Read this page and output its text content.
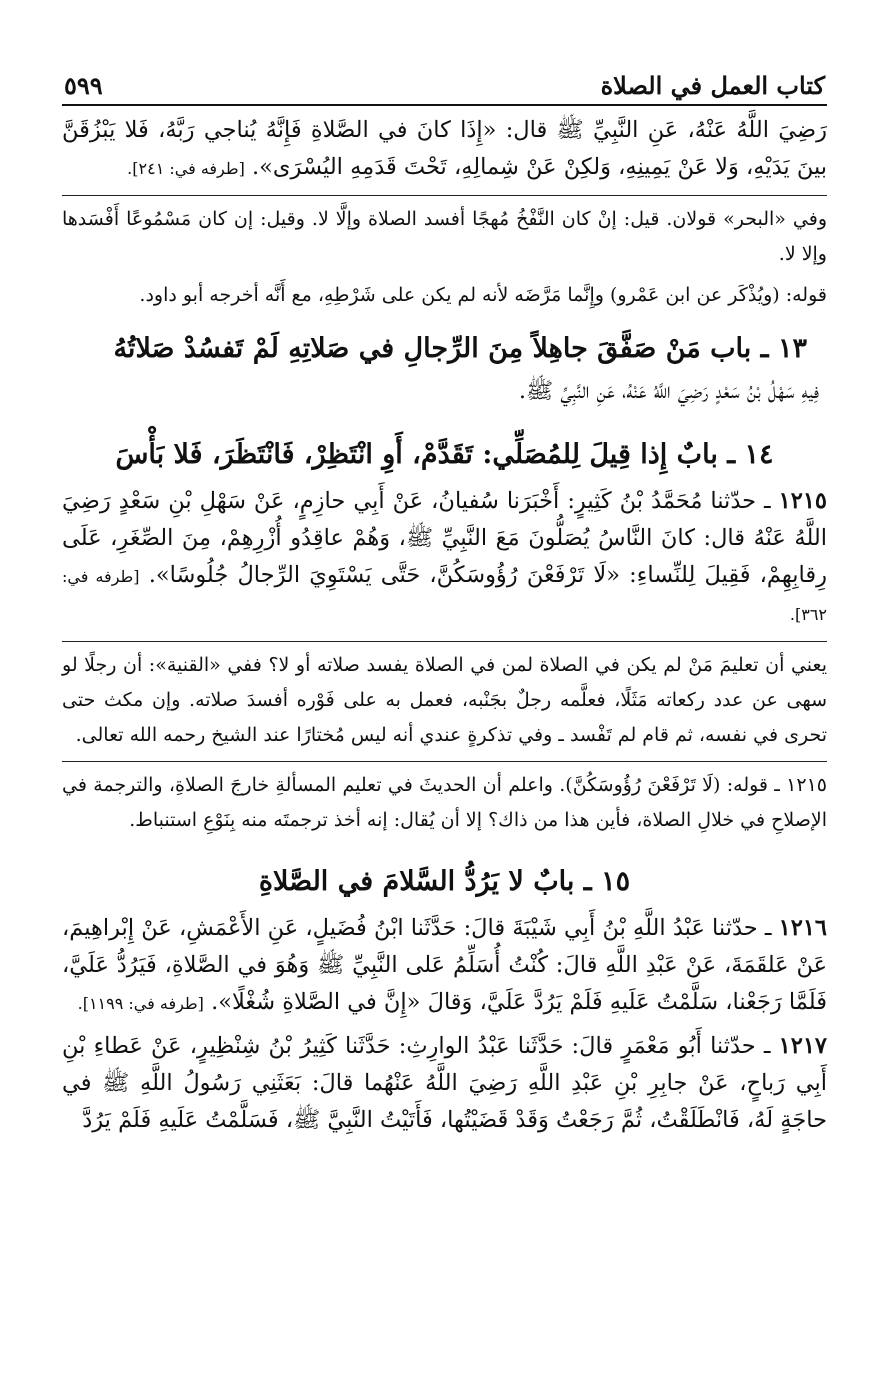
كتاب العمل في الصلاة
٥٩٩

رَضِيَ اللَّهُ عَنْهُ، عَنِ النَّبِيِّ ﷺ قال: «إِذَا كانَ في الصَّلاةِ فَإِنَّهُ يُناجي رَبَّهُ، فَلا يَبْزُقَنَّ بينَ يَدَيْهِ، وَلا عَنْ يَمِينِهِ، وَلكِنْ عَنْ شِمالِهِ، تَحْتَ قَدَمِهِ اليُسْرَى». [طرفه في: ٢٤١].

وفي «البحر» قولان. قيل: إنْ كان النَّفْخُ مُهجًا أفسد الصلاة وإلَّا لا. وقيل: إن كان مَسْمُوعًا أَفْسَدها وإلا لا.

قوله: (ويُذْكَر عن ابن عَمْرو) وإِنَّما مَرَّضَه لأنه لم يكن على شَرْطِهِ، مع أَنَّه أخرجه أبو داود.

١٣ ـ باب مَنْ صَفَّقَ جاهِلاً مِنَ الرِّجالِ في صَلاتِهِ لَمْ تَفسُدْ صَلاتُهُ
فِيهِ سَهْلُ بْنُ سَعْدٍ رَضِيَ اللَّهُ عَنْهُ، عَنِ النَّبِيِّ ﷺ.
١٤ ـ بابٌ إِذا قِيلَ لِلمُصَلِّي: تَقَدَّمْ، أَوِ انْتَظِرْ، فَانْتَظَرَ، فَلا بَأْسَ

١٢١٥ ـ حدّثنا مُحَمَّدُ بْنُ كَثِيرٍ: أَخْبَرَنا سُفيانُ، عَنْ أَبِي حازِمٍ، عَنْ سَهْلِ بْنِ سَعْدٍ رَضِيَ اللَّهُ عَنْهُ قال: كانَ النَّاسُ يُصَلُّونَ مَعَ النَّبِيِّ ﷺ، وَهُمْ عاقِدُو أُزْرِهِمْ، مِنَ الصِّغَرِ، عَلَى رِقابِهِمْ، فَقِيلَ لِلنِّساءِ: «لَا تَرْفَعْنَ رُؤُوسَكُنَّ، حَتَّى يَسْتَوِيَ الرِّجالُ جُلُوسًا». [طرفه في: ٣٦٢].

يعني أن تعليمَ مَنْ لم يكن في الصلاة لمن في الصلاة يفسد صلاته أو لا؟ ففي «القنية»: أن رجلًا لو سهى عن عدد ركعاته مَثَلًا، فعلَّمه رجلٌ بجَنْبه، فعمل به على فَوْره أفسدَ صلاته. وإن مكث حتى تحرى في نفسه، ثم قام لم تَفْسد ـ وفي تذكرةٍ عندي أنه ليس مُختارًا عند الشيخ رحمه الله تعالى.

١٢١٥ ـ قوله: (لَا تَرْفَعْنَ رُؤُوسَكُنَّ). واعلم أن الحديثَ في تعليم المسألةِ خارجَ الصلاةِ، والترجمة في الإصلاحِ في خلالِ الصلاة، فأين هذا من ذاك؟ إلا أن يُقال: إنه أخذ ترجمتَه منه بِنَوْعِ استنباط.

١٥ ـ بابٌ لا يَرُدُّ السَّلامَ في الصَّلاةِ

١٢١٦ ـ حدّثنا عَبْدُ اللَّهِ بْنُ أَبِي شَيْبَةَ قالَ: حَدَّثَنا ابْنُ فُضَيلٍ، عَنِ الأَعْمَشِ، عَنْ إِبْراهِيمَ، عَنْ عَلقَمَةَ، عَنْ عَبْدِ اللَّهِ قالَ: كُنْتُ أُسَلِّمُ عَلى النَّبِيِّ ﷺ وَهُوَ في الصَّلاةِ، فَيَرُدُّ عَلَيَّ، فَلَمَّا رَجَعْنا، سَلَّمْتُ عَلَيهِ فَلَمْ يَرُدَّ عَلَيَّ، وَقالَ «إِنَّ في الصَّلاةِ شُغْلًا». [طرفه في: ١١٩٩].

١٢١٧ ـ حدّثنا أَبُو مَعْمَرٍ قالَ: حَدَّثَنا عَبْدُ الوارِثِ: حَدَّثَنا كَثِيرُ بْنُ شِنْظِيرٍ، عَنْ عَطاءِ بْنِ أَبِي رَباحٍ، عَنْ جابِرِ بْنِ عَبْدِ اللَّهِ رَضِيَ اللَّهُ عَنْهُما قالَ: بَعَثَنِي رَسُولُ اللَّهِ ﷺ في حاجَةٍ لَهُ، فَانْطَلَقْتُ، ثُمَّ رَجَعْتُ وَقَدْ قَضَيْتُها، فَأَتَيْتُ النَّبِيَّ ﷺ، فَسَلَّمْتُ عَلَيهِ فَلَمْ يَرُدَّ
